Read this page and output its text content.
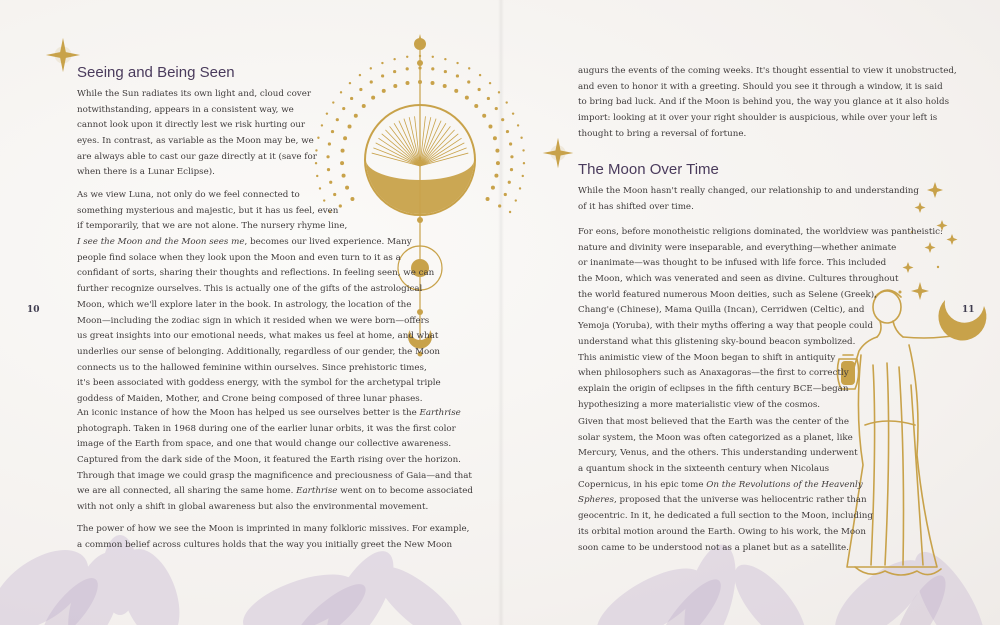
10	11
Seeing and Being Seen
While the Sun radiates its own light and, cloud cover
notwithstanding, appears in a consistent way, we
cannot look upon it directly lest we risk hurting our
eyes. In contrast, as variable as the Moon may be, we
are always able to cast our gaze directly at it (save for
when there is a Lunar Eclipse).
As we view Luna, not only do we feel connected to
something mysterious and majestic, but it has us feel, even
if temporarily, that we are not alone. The nursery rhyme line,
I see the Moon and the Moon sees me, becomes our lived experience. Many
people find solace when they look upon the Moon and even turn to it as a
confidant of sorts, sharing their thoughts and reflections. In feeling seen, we can
further recognize ourselves. This is actually one of the gifts of the astrological
Moon, which we'll explore later in the book. In astrology, the location of the
Moon—including the zodiac sign in which it resided when we were born—offers
us great insights into our emotional needs, what makes us feel at home, and what
underlies our sense of belonging. Additionally, regardless of our gender, the Moon
connects us to the hallowed feminine within ourselves. Since prehistoric times,
it's been associated with goddess energy, with the symbol for the archetypal triple
goddess of Maiden, Mother, and Crone being composed of three lunar phases.
An iconic instance of how the Moon has helped us see ourselves better is the Earthrise
photograph. Taken in 1968 during one of the earlier lunar orbits, it was the first color
image of the Earth from space, and one that would change our collective awareness.
Captured from the dark side of the Moon, it featured the Earth rising over the horizon.
Through that image we could grasp the magnificence and preciousness of Gaia—and that
we are all connected, all sharing the same home. Earthrise went on to become associated
with not only a shift in global awareness but also the environmental movement.
The power of how we see the Moon is imprinted in many folkloric missives. For example,
a common belief across cultures holds that the way you initially greet the New Moon
augurs the events of the coming weeks. It's thought essential to view it unobstructed,
and even to honor it with a greeting. Should you see it through a window, it is said
to bring bad luck. And if the Moon is behind you, the way you glance at it also holds
import: looking at it over your right shoulder is auspicious, while over your left is
thought to bring a reversal of fortune.
The Moon Over Time
While the Moon hasn't really changed, our relationship to and understanding
of it has shifted over time.
For eons, before monotheistic religions dominated, the worldview was pantheistic:
nature and divinity were inseparable, and everything—whether animate
or inanimate—was thought to be infused with life force. This included
the Moon, which was venerated and seen as divine. Cultures throughout
the world featured numerous Moon deities, such as Selene (Greek),
Chang'e (Chinese), Mama Quilla (Incan), Cerridwen (Celtic), and
Yemoja (Yoruba), with their myths offering a way that people could
understand what this glistening sky-bound beacon symbolized.
This animistic view of the Moon began to shift in antiquity
when philosophers such as Anaxagoras—the first to correctly
explain the origin of eclipses in the fifth century BCE—began
hypothesizing a more materialistic view of the cosmos.
Given that most believed that the Earth was the center of the
solar system, the Moon was often categorized as a planet, like
Mercury, Venus, and the others. This understanding underwent
a quantum shock in the sixteenth century when Nicolaus
Copernicus, in his epic tome On the Revolutions of the Heavenly
Spheres, proposed that the universe was heliocentric rather than
geocentric. In it, he dedicated a full section to the Moon, including
its orbital motion around the Earth. Owing to his work, the Moon
soon came to be understood not as a planet but as a satellite.
